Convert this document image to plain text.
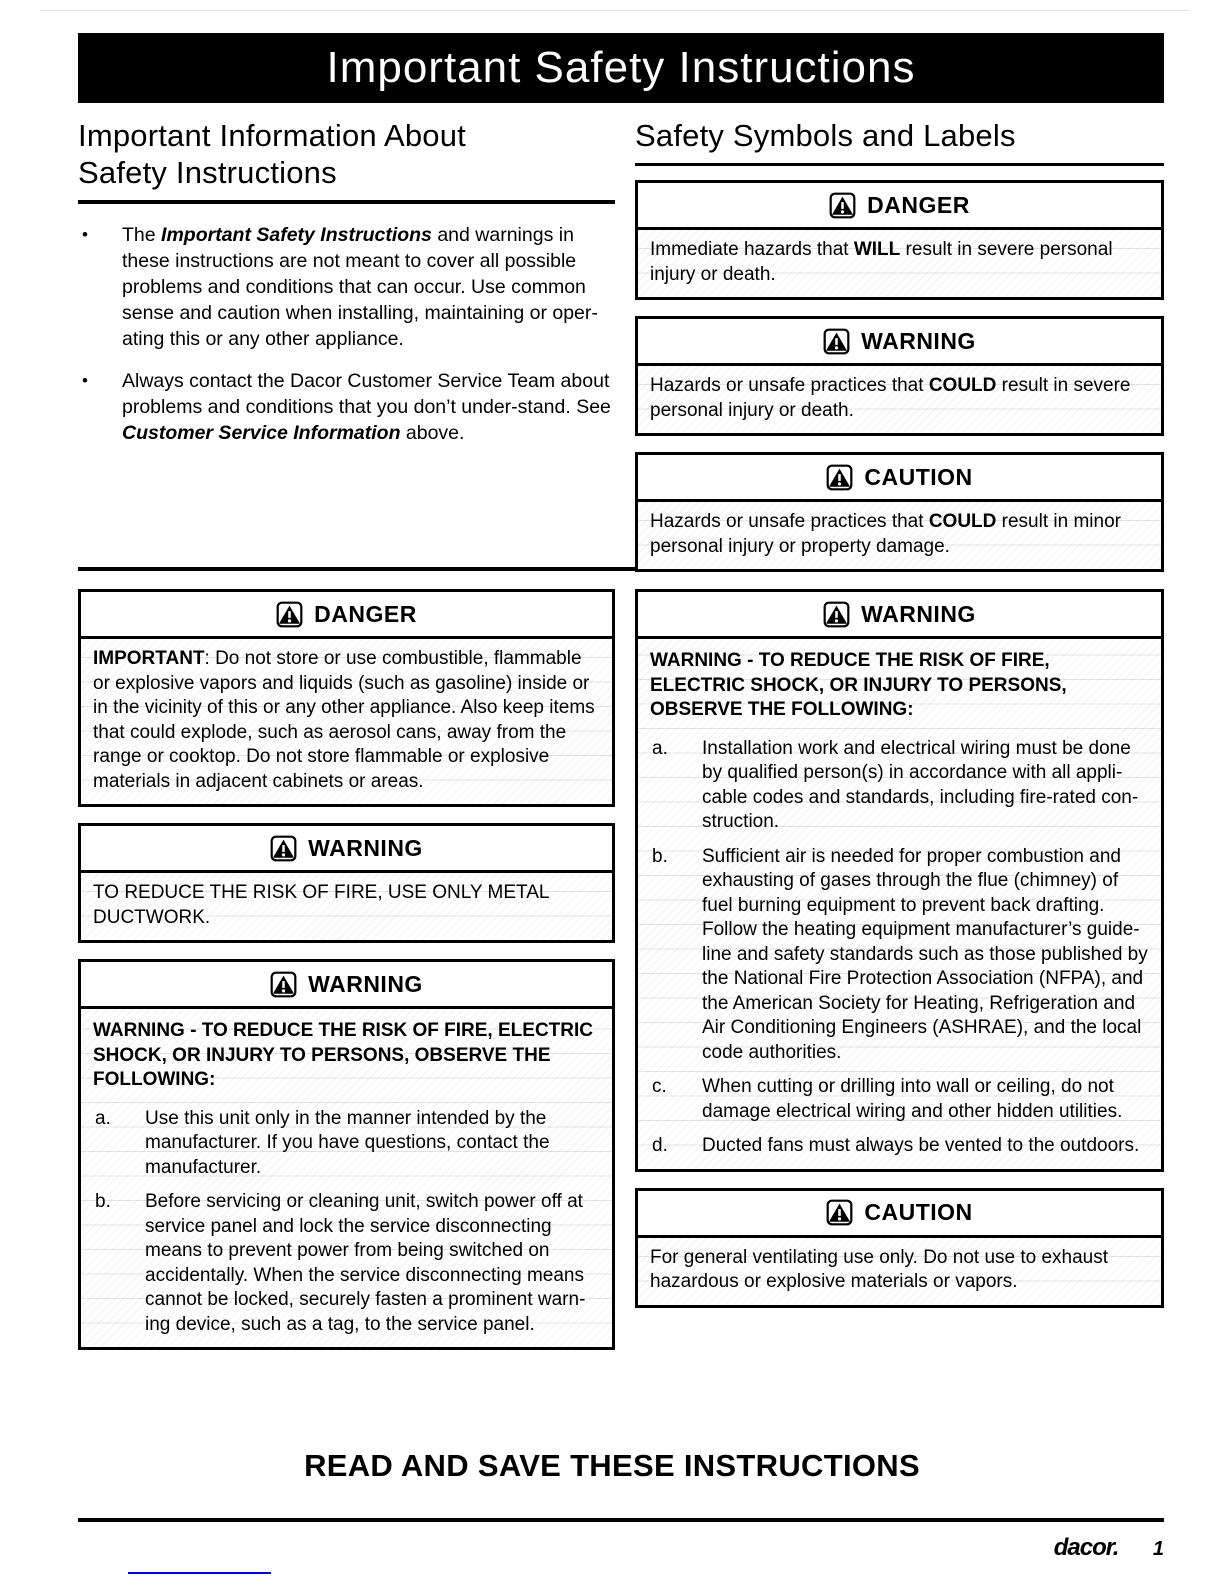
Important Safety Instructions
Important Information About
Safety Instructions
•	The Important Safety Instructions and warnings in these instructions are not meant to cover all possible problems and conditions that can occur. Use common sense and caution when installing, maintaining or oper-ating this or any other appliance.
•	Always contact the Dacor Customer Service Team about problems and conditions that you don’t under-stand. See Customer Service Information above.
Safety Symbols and Labels
DANGER
Immediate hazards that WILL result in severe personal injury or death.
WARNING
Hazards or unsafe practices that COULD result in severe personal injury or death.
CAUTION
Hazards or unsafe practices that COULD result in minor personal injury or property damage.
DANGER
IMPORTANT: Do not store or use combustible, flammable or explosive vapors and liquids (such as gasoline) inside or in the vicinity of this or any other appliance. Also keep items that could explode, such as aerosol cans, away from the range or cooktop. Do not store flammable or explosive materials in adjacent cabinets or areas.
WARNING
TO REDUCE THE RISK OF FIRE, USE ONLY METAL DUCTWORK.
WARNING
WARNING - TO REDUCE THE RISK OF FIRE, ELECTRIC SHOCK, OR INJURY TO PERSONS, OBSERVE THE FOLLOWING:
a.	Use this unit only in the manner intended by the manufacturer. If you have questions, contact the manufacturer.
b.	Before servicing or cleaning unit, switch power off at service panel and lock the service disconnecting means to prevent power from being switched on accidentally. When the service disconnecting means cannot be locked, securely fasten a prominent warn-ing device, such as a tag, to the service panel.
WARNING
WARNING - TO REDUCE THE RISK OF FIRE, ELECTRIC SHOCK, OR INJURY TO PERSONS, OBSERVE THE FOLLOWING:
a.	Installation work and electrical wiring must be done by qualified person(s) in accordance with all appli-cable codes and standards, including fire-rated con-struction.
b.	Sufficient air is needed for proper combustion and exhausting of gases through the flue (chimney) of fuel burning equipment to prevent back drafting. Follow the heating equipment manufacturer’s guide-line and safety standards such as those published by the National Fire Protection Association (NFPA), and the American Society for Heating, Refrigeration and Air Conditioning Engineers (ASHRAE), and the local code authorities.
c.	When cutting or drilling into wall or ceiling, do not damage electrical wiring and other hidden utilities.
d.	Ducted fans must always be vented to the outdoors.
CAUTION
For general ventilating use only. Do not use to exhaust hazardous or explosive materials or vapors.
READ AND SAVE THESE INSTRUCTIONS
dacor. 1
